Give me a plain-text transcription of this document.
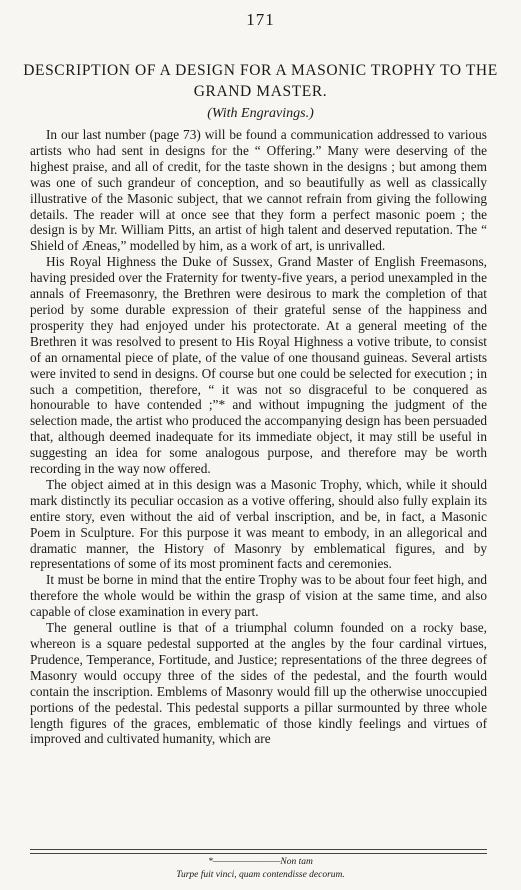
171
DESCRIPTION OF A DESIGN FOR A MASONIC TROPHY TO THE GRAND MASTER.
(With Engravings.)

In our last number (page 73) will be found a communication addressed to various artists who had sent in designs for the “ Offering.” Many were deserving of the highest praise, and all of credit, for the taste shown in the designs ; but among them was one of such grandeur of conception, and so beautifully as well as classically illustrative of the Masonic subject, that we cannot refrain from giving the following details. The reader will at once see that they form a perfect masonic poem ; the design is by Mr. William Pitts, an artist of high talent and deserved reputation. The “ Shield of Æneas,” modelled by him, as a work of art, is unrivalled.

His Royal Highness the Duke of Sussex, Grand Master of English Freemasons, having presided over the Fraternity for twenty-five years, a period unexampled in the annals of Freemasonry, the Brethren were desirous to mark the completion of that period by some durable expression of their grateful sense of the happiness and prosperity they had enjoyed under his protectorate. At a general meeting of the Brethren it was resolved to present to His Royal Highness a votive tribute, to consist of an ornamental piece of plate, of the value of one thousand guineas. Several artists were invited to send in designs. Of course but one could be selected for execution ; in such a competition, therefore, “ it was not so disgraceful to be conquered as honourable to have contended ;”* and without impugning the judgment of the selection made, the artist who produced the accompanying design has been persuaded that, although deemed inadequate for its immediate object, it may still be useful in suggesting an idea for some analogous purpose, and therefore may be worth recording in the way now offered.

The object aimed at in this design was a Masonic Trophy, which, while it should mark distinctly its peculiar occasion as a votive offering, should also fully explain its entire story, even without the aid of verbal inscription, and be, in fact, a Masonic Poem in Sculpture. For this purpose it was meant to embody, in an allegorical and dramatic manner, the History of Masonry by emblematical figures, and by representations of some of its most prominent facts and ceremonies.

It must be borne in mind that the entire Trophy was to be about four feet high, and therefore the whole would be within the grasp of vision at the same time, and also capable of close examination in every part.

The general outline is that of a triumphal column founded on a rocky base, whereon is a square pedestal supported at the angles by the four cardinal virtues, Prudence, Temperance, Fortitude, and Justice; representations of the three degrees of Masonry would occupy three of the sides of the pedestal, and the fourth would contain the inscription. Emblems of Masonry would fill up the otherwise unoccupied portions of the pedestal. This pedestal supports a pillar surmounted by three whole length figures of the graces, emblematic of those kindly feelings and virtues of improved and cultivated humanity, which are

*————————Non tam
Turpe fuit vinci, quam contendisse decorum.
